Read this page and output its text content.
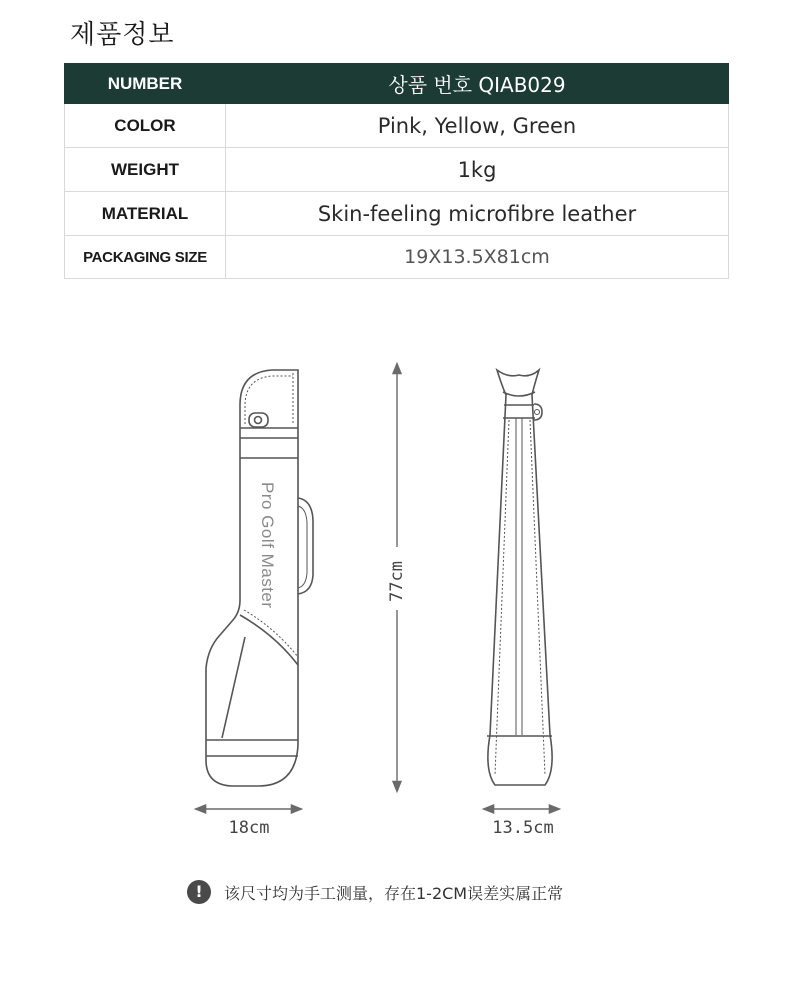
제품정보
NUMBER	상품 번호 QIAB029
COLOR	Pink, Yellow, Green
WEIGHT	1kg
MATERIAL	Skin-feeling microfibre leather
PACKAGING SIZE	19X13.5X81cm
Pro Golf Master	77cm
18cm	13.5cm
!	该尺寸均为手工测量，存在1-2CM误差实属正常
